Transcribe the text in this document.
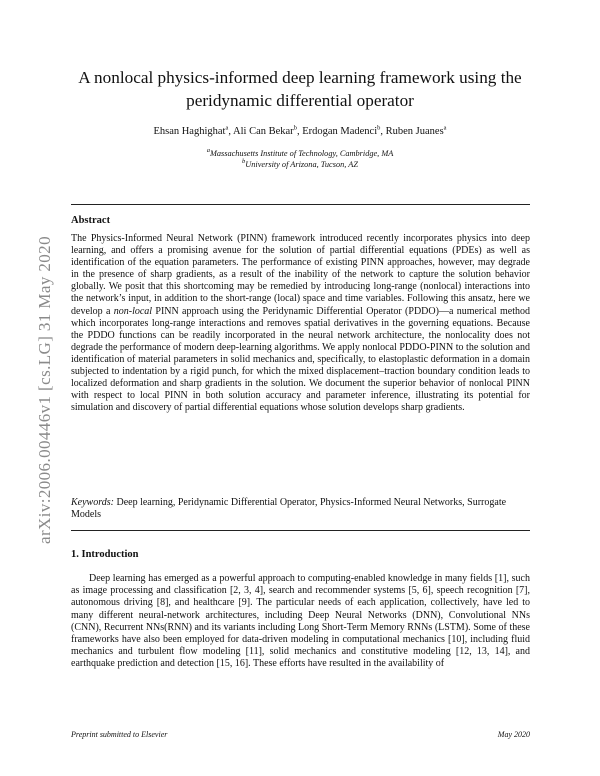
arXiv:2006.00446v1 [cs.LG] 31 May 2020
A nonlocal physics-informed deep learning framework using the peridynamic differential operator
Ehsan Haghighat$^a$, Ali Can Bekar$^b$, Erdogan Madenci$^b$, Ruben Juanes$^a$
$^a$Massachusetts Institute of Technology, Cambridge, MA
$^b$University of Arizona, Tucson, AZ
Abstract

The Physics-Informed Neural Network (PINN) framework introduced recently incorporates physics into deep learning, and offers a promising avenue for the solution of partial differential equations (PDEs) as well as identification of the equation parameters. The performance of existing PINN approaches, however, may degrade in the presence of sharp gradients, as a result of the inability of the network to capture the solution behavior globally. We posit that this shortcoming may be remedied by introducing long-range (nonlocal) interactions into the network’s input, in addition to the short-range (local) space and time variables. Following this ansatz, here we develop a non-local PINN approach using the Peridynamic Differential Operator (PDDO)—a numerical method which incorporates long-range interactions and removes spatial derivatives in the governing equations. Because the PDDO functions can be readily incorporated in the neural network architecture, the nonlocality does not degrade the performance of modern deep-learning algorithms. We apply nonlocal PDDO-PINN to the solution and identification of material parameters in solid mechanics and, specifically, to elastoplastic deformation in a domain subjected to indentation by a rigid punch, for which the mixed displacement–traction boundary condition leads to localized deformation and sharp gradients in the solution. We document the superior behavior of nonlocal PINN with respect to local PINN in both solution accuracy and parameter inference, illustrating its potential for simulation and discovery of partial differential equations whose solution develops sharp gradients.

Keywords: Deep learning, Peridynamic Differential Operator, Physics-Informed Neural Networks, Surrogate Models
1. Introduction

Deep learning has emerged as a powerful approach to computing-enabled knowledge in many fields [1], such as image processing and classification [2, 3, 4], search and recommender systems [5, 6], speech recognition [7], autonomous driving [8], and healthcare [9]. The particular needs of each application, collectively, have led to many different neural-network architectures, including Deep Neural Networks (DNN), Convolutional NNs (CNN), Recurrent NNs(RNN) and its variants including Long Short-Term Memory RNNs (LSTM). Some of these frameworks have also been employed for data-driven modeling in computational mechanics [10], including fluid mechanics and turbulent flow modeling [11], solid mechanics and constitutive modeling [12, 13, 14], and earthquake prediction and detection [15, 16]. These efforts have resulted in the availability of

Preprint submitted to Elsevier	May 2020
